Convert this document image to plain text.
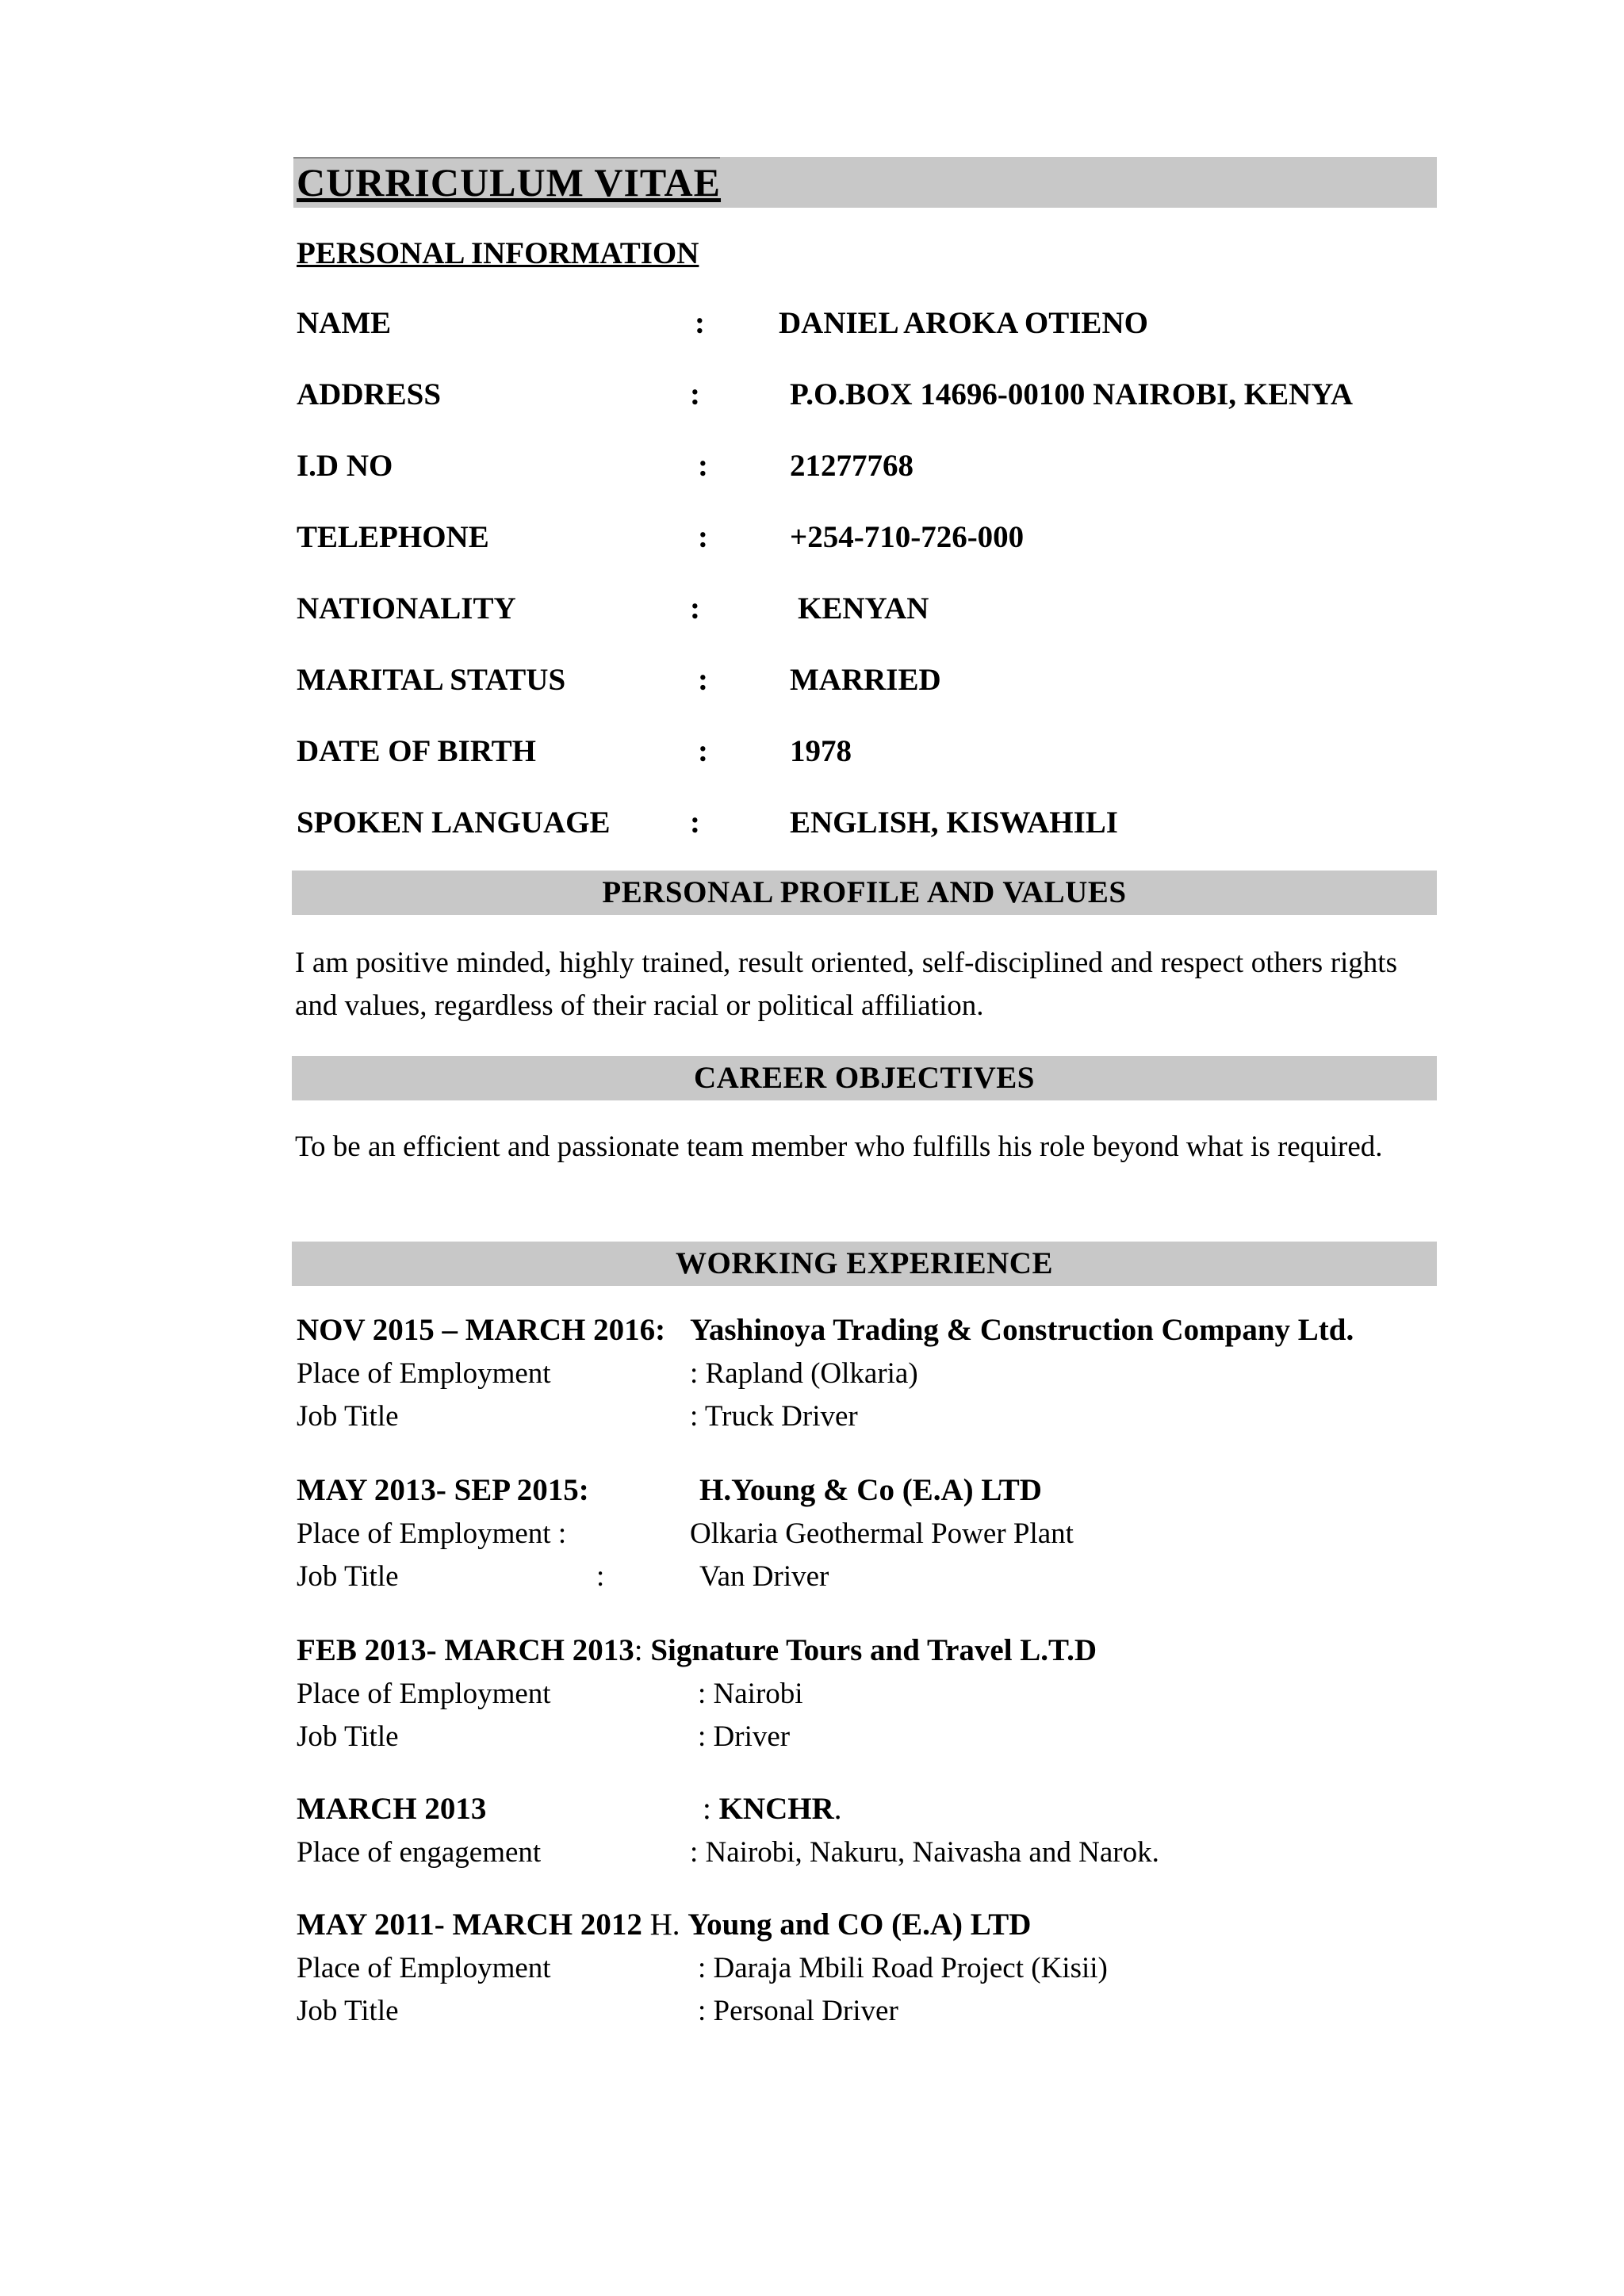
CURRICULUM VITAE
PERSONAL INFORMATION
NAME	: DANIEL AROKA OTIENO
ADDRESS	:	P.O.BOX 14696-00100 NAIROBI, KENYA
I.D NO	:	21277768
TELEPHONE	:	+254-710-726-000
NATIONALITY	:	KENYAN
MARITAL STATUS	:	MARRIED
DATE OF BIRTH	:	1978
SPOKEN LANGUAGE	:	ENGLISH, KISWAHILI
PERSONAL PROFILE AND VALUES
I am positive minded, highly trained, result oriented, self-disciplined and respect others rights and values, regardless of their racial or political affiliation.
CAREER OBJECTIVES
To be an efficient and passionate team member who fulfills his role beyond what is required.
WORKING EXPERIENCE
NOV 2015 – MARCH 2016: Yashinoya Trading & Construction Company Ltd.
Place of Employment	: Rapland (Olkaria)
Job Title	: Truck Driver
MAY 2013- SEP 2015:	H.Young & Co (E.A) LTD
Place of Employment :	Olkaria Geothermal Power Plant
Job Title	:	Van Driver
FEB 2013- MARCH 2013: Signature Tours and Travel L.T.D
Place of Employment	: Nairobi
Job Title	: Driver
MARCH 2013	: KNCHR.
Place of engagement	: Nairobi, Nakuru, Naivasha and Narok.
MAY 2011- MARCH 2012 H. Young and CO (E.A) LTD
Place of Employment	: Daraja Mbili Road Project (Kisii)
Job Title	: Personal Driver
